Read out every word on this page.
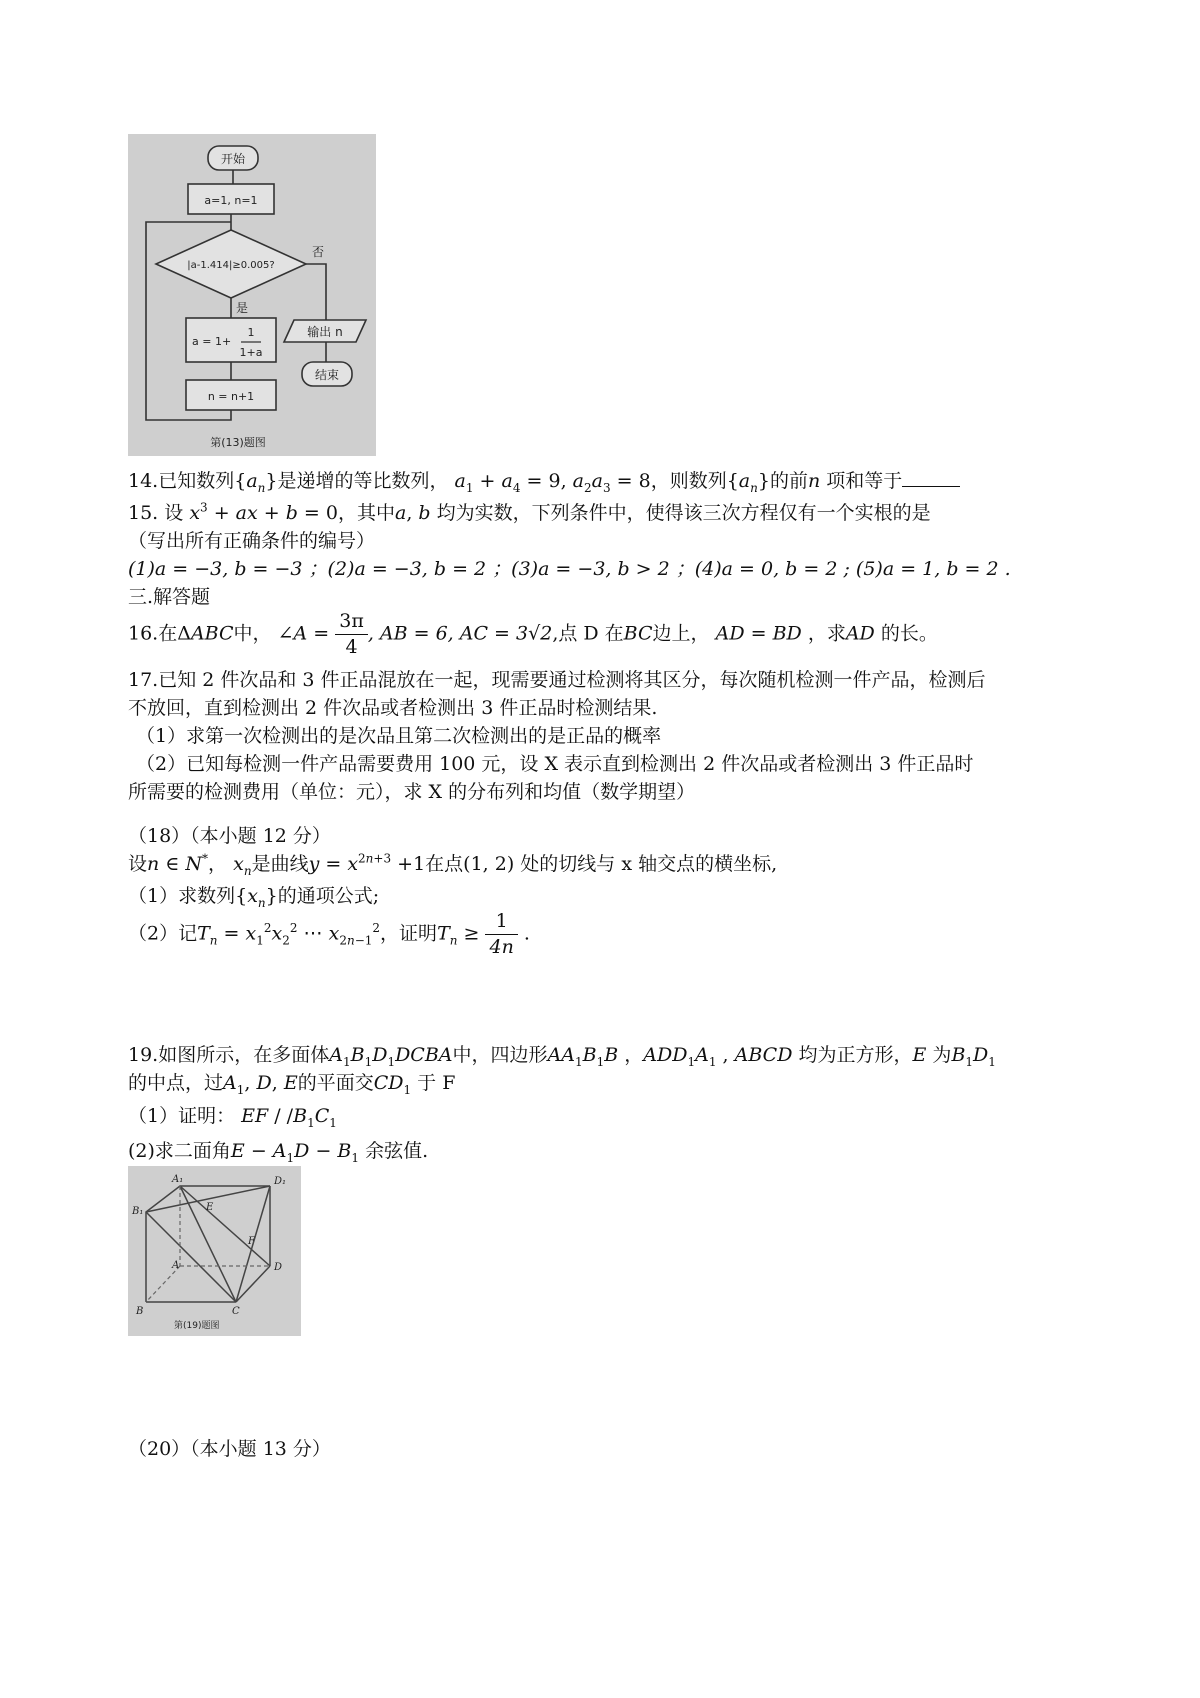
开始
a=1, n=1
|a-1.414|≥0.005?
否
是
a = 1+
1
1+a
n = n+1
输出 n
结束
第(13)题图
14.已知数列$\{a_n\}$是递增的等比数列， $a_1 + a_4 = 9$, $a_2a_3 = 8$，则数列$\{a_n\}$的前n 项和等于
15. 设 $x^3$ + ax + b = 0，其中a, b 均为实数，下列条件中，使得该三次方程仅有一个实根的是
（写出所有正确条件的编号）
(1)a = −3, b = −3 ；(2)a = −3, b = 2 ；(3)a = −3, b > 2 ；(4)a = 0, b = 2 ; (5)a = 1, b = 2 .
三.解答题
16.在ΔABC中， ∠A = $\frac{3\pi}{4}$ , AB = 6, AC = 3√2,点 D 在BC边上， AD = BD ，求AD 的长。
17.已知 2 件次品和 3 件正品混放在一起，现需要通过检测将其区分，每次随机检测一件产品，检测后
不放回，直到检测出 2 件次品或者检测出 3 件正品时检测结果.
（1）求第一次检测出的是次品且第二次检测出的是正品的概率
（2）已知每检测一件产品需要费用 100 元，设 X 表示直到检测出 2 件次品或者检测出 3 件正品时
所需要的检测费用（单位：元），求 X 的分布列和均值（数学期望）
（18）（本小题 12 分）
设n ∈ N*， $x_n$是曲线$y = x^{2n+3} +1$在点(1, 2) 处的切线与 x 轴交点的横坐标,
（1）求数列$\{x_n\}$的通项公式;
（2）记$T_n = x_1^2x_2^2$ ⋯ $x_{2n-1}^2$，证明$T_n \ge \frac{1}{4n}$ .
19.如图所示，在多面体$A_1B_1D_1DCBA$中，四边形$AA_1B_1B$ ，$ADD_1A_1$ , ABCD 均为正方形，E 为$B_1D_1$
的中点，过$A_1$, D, E的平面交$CD_1$ 于 F
（1）证明： EF / $/B_1C_1$
(2)求二面角$E - A_1D - B_1$ 余弦值.
A₁	D₁
B₁	E
F
A	D
B	C
第(19)题图
（20）（本小题 13 分）
